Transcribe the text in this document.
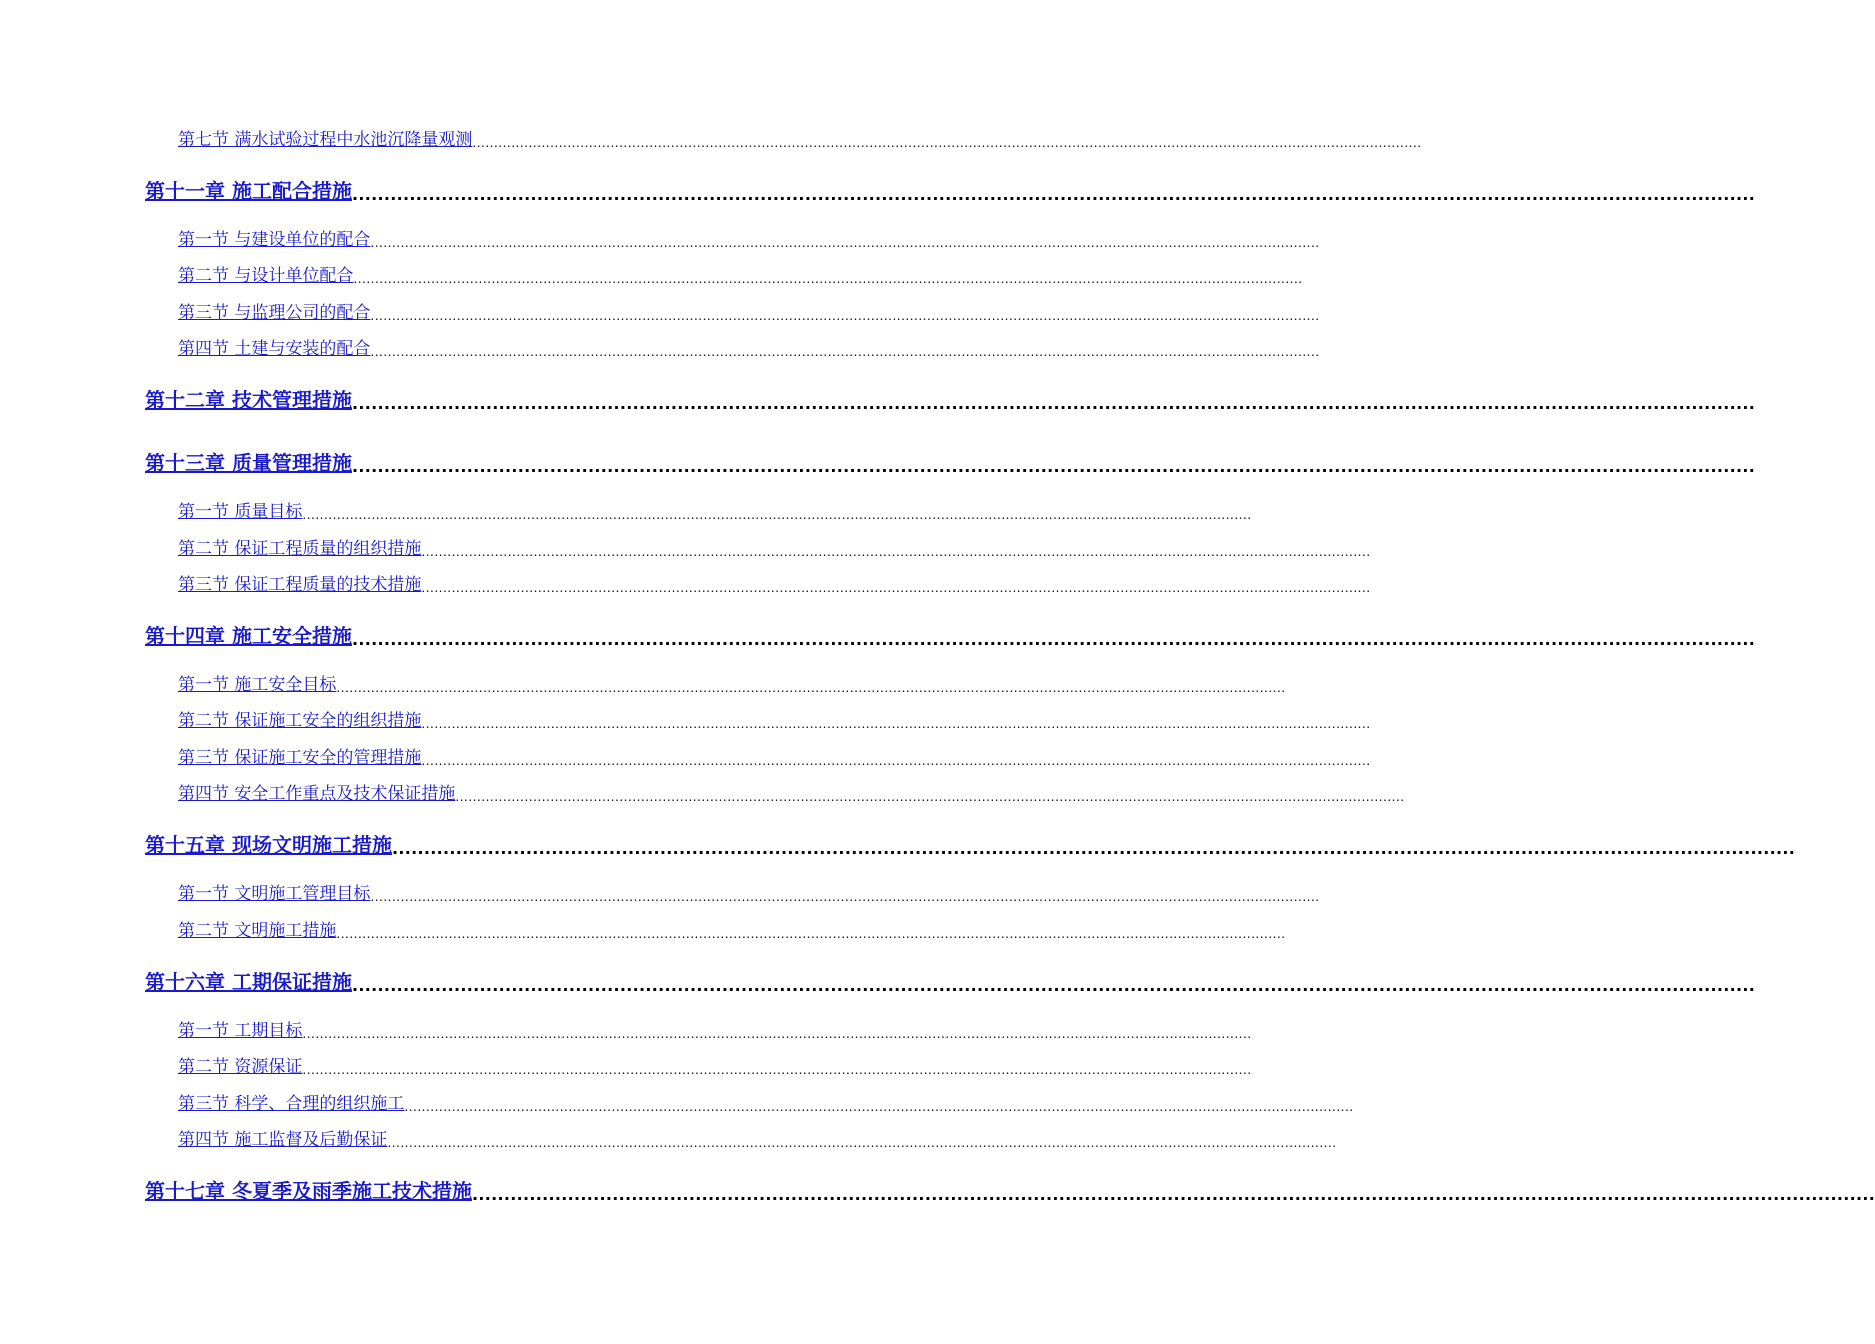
第七节 满水试验过程中水池沉降量观测 ............................................................................................................................................................................................................................
第十一章 施工配合措施 ............................................................................................................................................................................................................................
第一节 与建设单位的配合 ............................................................................................................................................................................................................................
第二节 与设计单位配合 ............................................................................................................................................................................................................................
第三节 与监理公司的配合 ............................................................................................................................................................................................................................
第四节 土建与安装的配合 ............................................................................................................................................................................................................................
第十二章 技术管理措施 ............................................................................................................................................................................................................................
第十三章 质量管理措施 ............................................................................................................................................................................................................................
第一节 质量目标 ............................................................................................................................................................................................................................
第二节 保证工程质量的组织措施 ............................................................................................................................................................................................................................
第三节 保证工程质量的技术措施 ............................................................................................................................................................................................................................
第十四章 施工安全措施 ............................................................................................................................................................................................................................
第一节 施工安全目标 ............................................................................................................................................................................................................................
第二节 保证施工安全的组织措施 ............................................................................................................................................................................................................................
第三节 保证施工安全的管理措施 ............................................................................................................................................................................................................................
第四节 安全工作重点及技术保证措施 ............................................................................................................................................................................................................................
第十五章 现场文明施工措施 ............................................................................................................................................................................................................................
第一节 文明施工管理目标 ............................................................................................................................................................................................................................
第二节 文明施工措施 ............................................................................................................................................................................................................................
第十六章 工期保证措施 ............................................................................................................................................................................................................................
第一节 工期目标 ............................................................................................................................................................................................................................
第二节 资源保证 ............................................................................................................................................................................................................................
第三节 科学、合理的组织施工 ............................................................................................................................................................................................................................
第四节 施工监督及后勤保证 ............................................................................................................................................................................................................................
第十七章 冬夏季及雨季施工技术措施 ............................................................................................................................................................................................................................
